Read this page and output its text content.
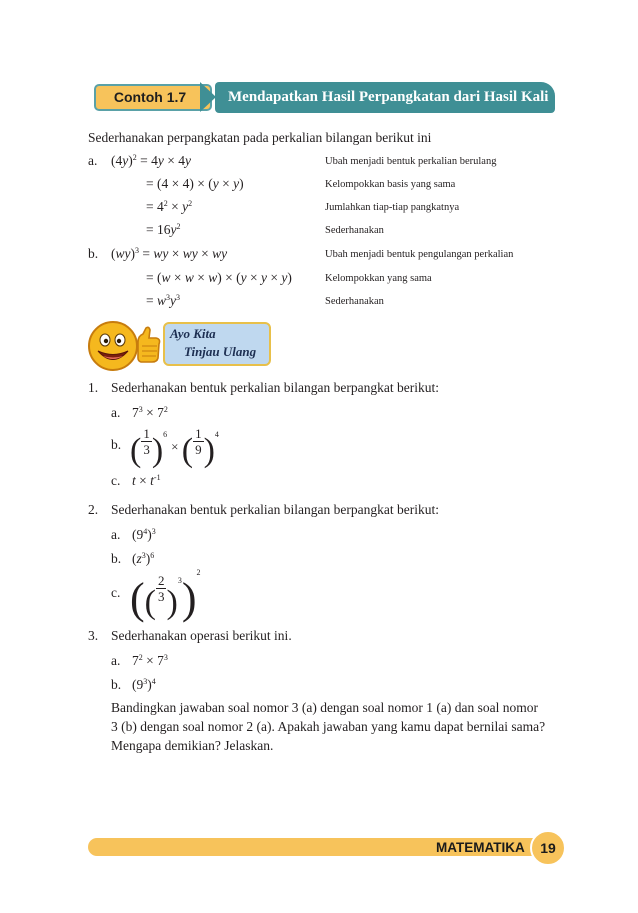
Contoh 1.7	Mendapatkan Hasil Perpangkatan dari Hasil Kali
Sederhanakan perpangkatan pada perkalian bilangan berikut ini
a. $(4y)^2 = 4y \times 4y$
= (4 × 4) × (y × y)
= $4^2 \times y^2$
= $16y^2$
Ubah menjadi bentuk perkalian berulang
Kelompokkan basis yang sama
Jumlahkan tiap-tiap pangkatnya
Sederhanakan
b. (wy)$^3$ = wy × wy × wy
= (w × w × w) × (y × y × y)
= $w^3y^3$
Ubah menjadi bentuk pengulangan perkalian
Kelompokkan yang sama
Sederhanakan
Ayo Kita
Tinjau Ulang
1. Sederhanakan bentuk perkalian bilangan berpangkat berikut:
a. $7^3 \times 7^2$
b. ( $\frac{1}{3} )^6$ × ( $\frac{1}{9} )^4$
c. $t \times t^{-1}$
2. Sederhanakan bentuk perkalian bilangan berpangkat berikut:
a. $(9^4)^3$
b. $(z^3)^6$
c. (( $\frac{2}{3} )^3)^2$
3. Sederhanakan operasi berikut ini.
a. $7^2 \times 7^3$
b. $(9^3)^4$
Bandingkan jawaban soal nomor 3 (a) dengan soal nomor 1 (a) dan soal nomor
3 (b) dengan soal nomor 2 (a). Apakah jawaban yang kamu dapat bernilai sama?
Mengapa demikian? Jelaskan.
MATEMATIKA	19
